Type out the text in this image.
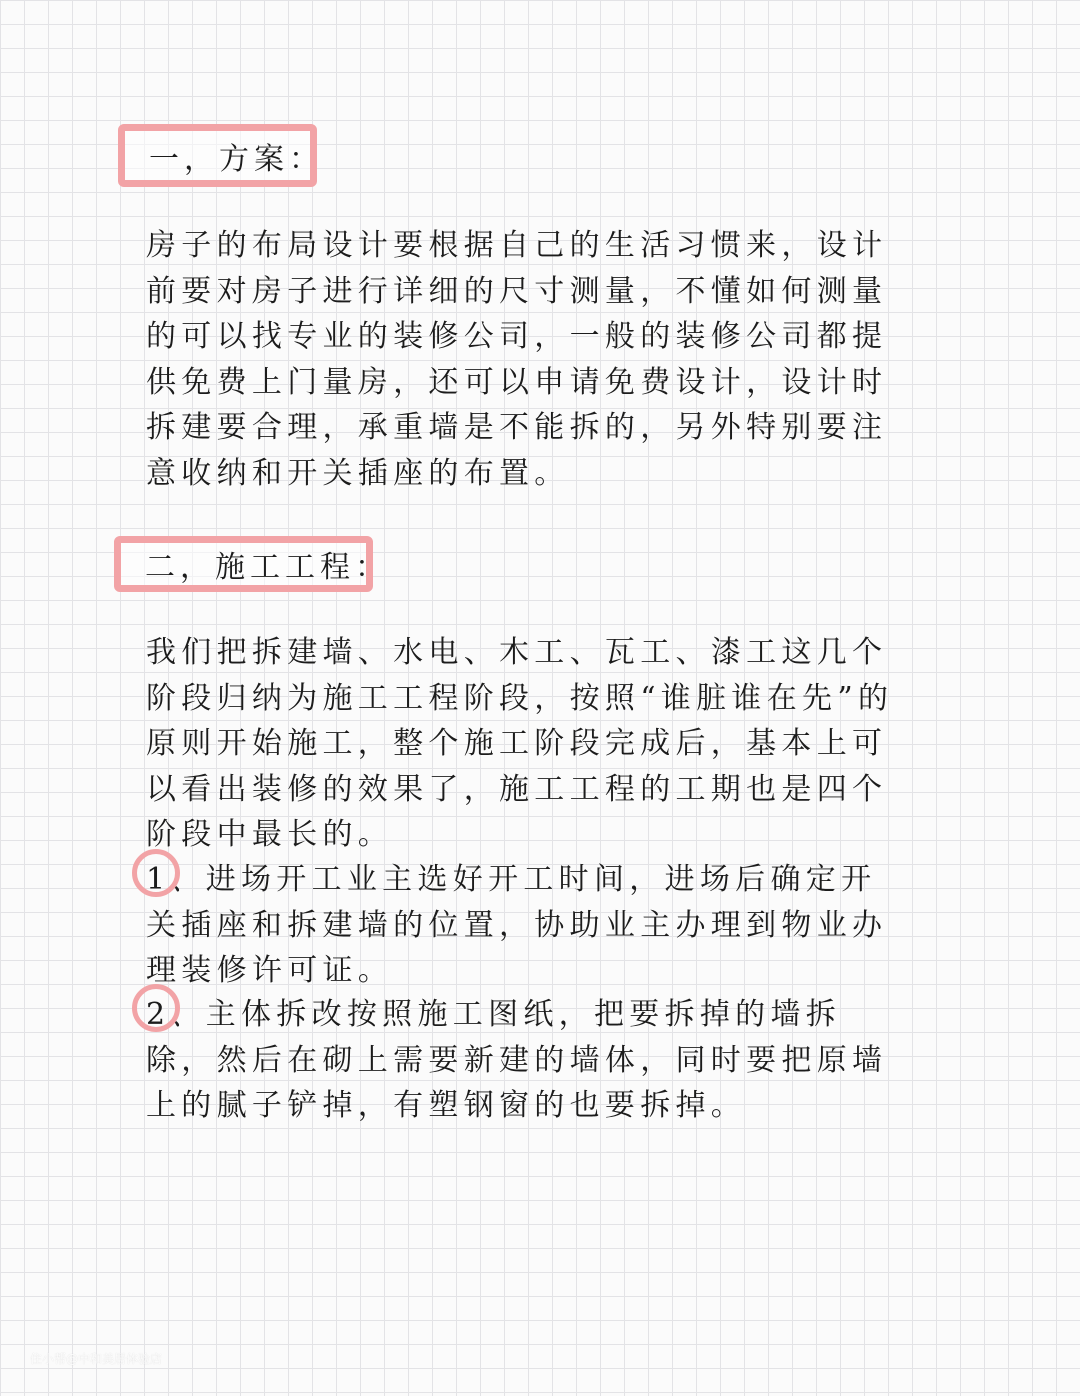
一，方案：

房子的布局设计要根据自己的生活习惯来，设计前要对房子进行详细的尺寸测量，不懂如何测量的可以找专业的装修公司，一般的装修公司都提供免费上门量房，还可以申请免费设计，设计时拆建要合理，承重墙是不能拆的，另外特别要注意收纳和开关插座的布置。

二，施工工程：

我们把拆建墙、水电、木工、瓦工、漆工这几个阶段归纳为施工工程阶段，按照“谁脏谁在先”的原则开始施工，整个施工阶段完成后，基本上可以看出装修的效果了，施工工程的工期也是四个阶段中最长的。

1、进场开工业主选好开工时间，进场后确定开关插座和拆建墙的位置，协助业主办理到物业办理装修许可证。

2、主体拆改按照施工图纸，把要拆掉的墙拆除，然后在砌上需要新建的墙体，同时要把原墙上的腻子铲掉，有塑钢窗的也要拆掉。

住小帮@中和美居体验店
